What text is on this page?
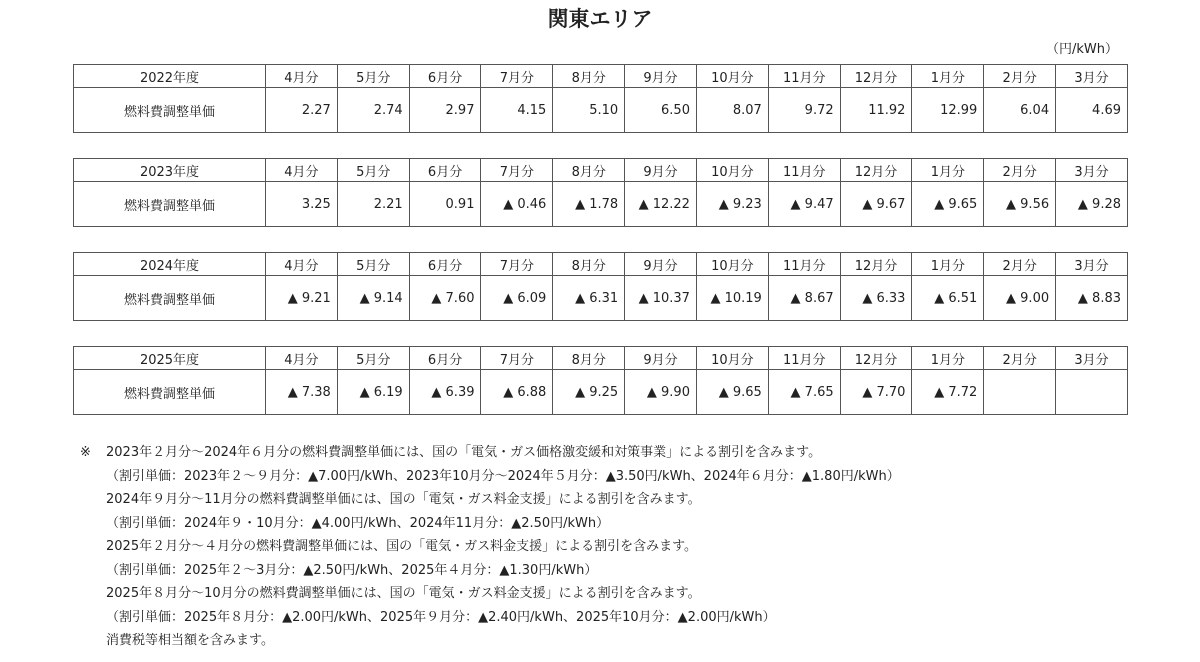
関東エリア
（円/kWh）
2022年度	4月分	5月分	6月分	7月分	8月分	9月分	10月分	11月分	12月分	1月分	2月分	3月分
燃料費調整単価	2.27	2.74	2.97	4.15	5.10	6.50	8.07	9.72	11.92	12.99	6.04	4.69
2023年度	4月分	5月分	6月分	7月分	8月分	9月分	10月分	11月分	12月分	1月分	2月分	3月分
燃料費調整単価	3.25	2.21	0.91	▲ 0.46	▲ 1.78	▲ 12.22	▲ 9.23	▲ 9.47	▲ 9.67	▲ 9.65	▲ 9.56	▲ 9.28
2024年度	4月分	5月分	6月分	7月分	8月分	9月分	10月分	11月分	12月分	1月分	2月分	3月分
燃料費調整単価	▲ 9.21	▲ 9.14	▲ 7.60	▲ 6.09	▲ 6.31	▲ 10.37	▲ 10.19	▲ 8.67	▲ 6.33	▲ 6.51	▲ 9.00	▲ 8.83
2025年度	4月分	5月分	6月分	7月分	8月分	9月分	10月分	11月分	12月分	1月分	2月分	3月分
燃料費調整単価	▲ 7.38	▲ 6.19	▲ 6.39	▲ 6.88	▲ 9.25	▲ 9.90	▲ 9.65	▲ 7.65	▲ 7.70	▲ 7.72		
※ 2023年２月分～2024年６月分の燃料費調整単価には、国の「電気・ガス価格激変緩和対策事業」による割引を含みます。
（割引単価：2023年２～９月分：▲7.00円/kWh、2023年10月分～2024年５月分：▲3.50円/kWh、2024年６月分：▲1.80円/kWh）
2024年９月分～11月分の燃料費調整単価には、国の「電気・ガス料金支援」による割引を含みます。
（割引単価：2024年９・10月分：▲4.00円/kWh、2024年11月分：▲2.50円/kWh）
2025年２月分～４月分の燃料費調整単価には、国の「電気・ガス料金支援」による割引を含みます。
（割引単価：2025年２～3月分：▲2.50円/kWh、2025年４月分：▲1.30円/kWh）
2025年８月分～10月分の燃料費調整単価には、国の「電気・ガス料金支援」による割引を含みます。
（割引単価：2025年８月分：▲2.00円/kWh、2025年９月分：▲2.40円/kWh、2025年10月分：▲2.00円/kWh）
消費税等相当額を含みます。
